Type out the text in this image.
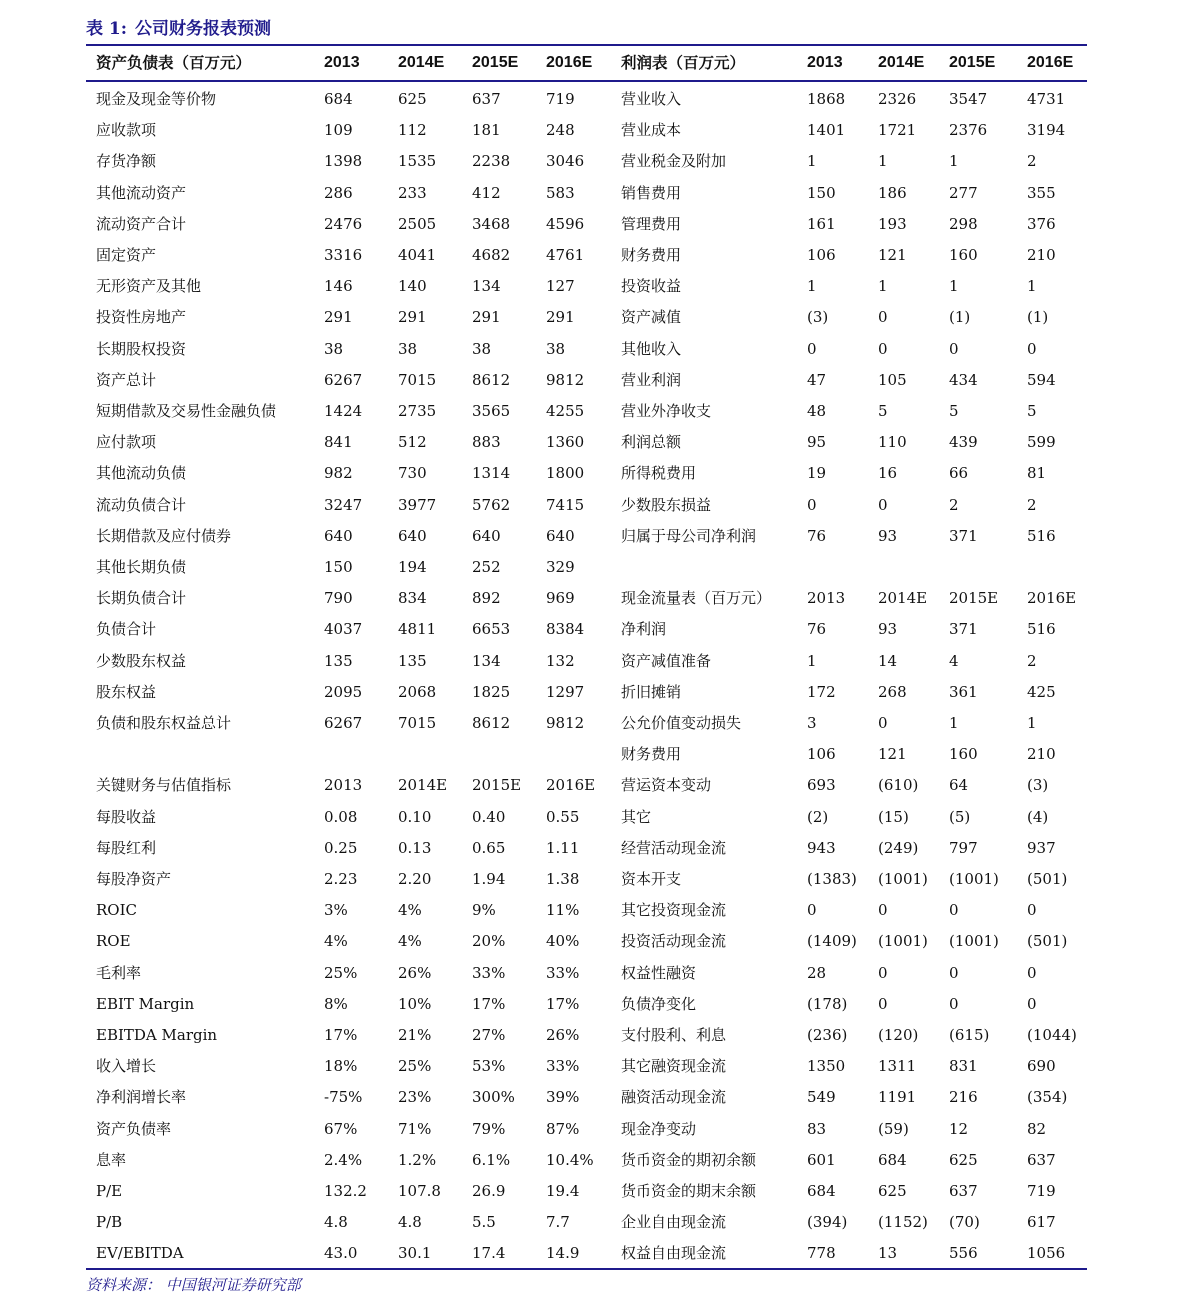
表 1: 公司财务报表预测
资产负债表（百万元）	2013 2014E 2015E 2016E 利润表（百万元）	2013 2014E 2015E 2016E
现金及现金等价物	684	625	637	719	营业收入	1868 2326 3547	4731
应收款项	109	112	181	248	营业成本	1401 1721 2376	3194
存货净额	1398 1535 2238 3046 营业税金及附加	1	1	1	2
其他流动资产	286	233	412	583	销售费用	150	186	277	355
流动资产合计	2476 2505 3468 4596 管理费用	161	193	298	376
固定资产	3316 4041 4682 4761 财务费用	106	121	160	210
无形资产及其他	146	140	134	127	投资收益	1	1	1	1
投资性房地产	291	291	291	291	资产减值	(3)	0	(1)	(1)
长期股权投资	38	38	38	38	其他收入	0	0	0	0
资产总计	6267 7015 8612 9812 营业利润	47	105	434	594
短期借款及交易性金融负债	1424 2735 3565 4255 营业外净收支	48	5	5	5
应付款项	841	512	883	1360 利润总额	95	110	439	599
其他流动负债	982	730	1314 1800 所得税费用	19	16	66	81
流动负债合计	3247 3977 5762 7415 少数股东损益	0	0	2	2
长期借款及应付债券	640	640	640	640	归属于母公司净利润	76	93	371	516
其他长期负债	150	194	252	329
长期负债合计	790	834	892	969	现金流量表（百万元） 2013 2014E 2015E 2016E
负债合计	4037 4811 6653 8384 净利润	76	93	371	516
少数股东权益	135	135	134	132	资产减值准备	1	14	4	2
股东权益	2095 2068 1825 1297 折旧摊销	172	268	361	425
负债和股东权益总计	6267 7015 8612 9812 公允价值变动损失	3	0	1	1
财务费用	106	121	160	210
关键财务与估值指标	2013 2014E 2015E 2016E 营运资本变动	693	(610) 64	(3)
每股收益	0.08	0.10	0.40	0.55	其它	(2)	(15)	(5)	(4)
每股红利	0.25	0.13	0.65	1.11	经营活动现金流	943	(249) 797	937
每股净资产	2.23	2.20	1.94	1.38	资本开支	(1383) (1001) (1001) (501)
ROIC	3%	4%	9%	11%	其它投资现金流	0	0	0	0
ROE	4%	4%	20%	40%	投资活动现金流	(1409) (1001) (1001) (501)
毛利率	25%	26%	33%	33%	权益性融资	28	0	0	0
EBIT Margin	8%	10%	17%	17%	负债净变化	(178) 0	0	0
EBITDA Margin	17%	21%	27%	26%	支付股利、利息	(236) (120) (615)	(1044)
收入增长	18%	25%	53%	33%	其它融资现金流	1350 1311 831	690
净利润增长率	-75% 23%	300% 39%	融资活动现金流	549	1191 216	(354)
资产负债率	67%	71%	79%	87%	现金净变动	83	(59)	12	82
息率	2.4% 1.2% 6.1% 10.4% 货币资金的期初余额	601	684	625	637
P/E	132.2 107.8 26.9	19.4	货币资金的期末余额	684	625	637	719
P/B	4.8	4.8	5.5	7.7	企业自由现金流	(394) (1152) (70)	617
EV/EBITDA	43.0	30.1	17.4	14.9	权益自由现金流	778	13	556	1056
资料来源： 中国银河证券研究部
